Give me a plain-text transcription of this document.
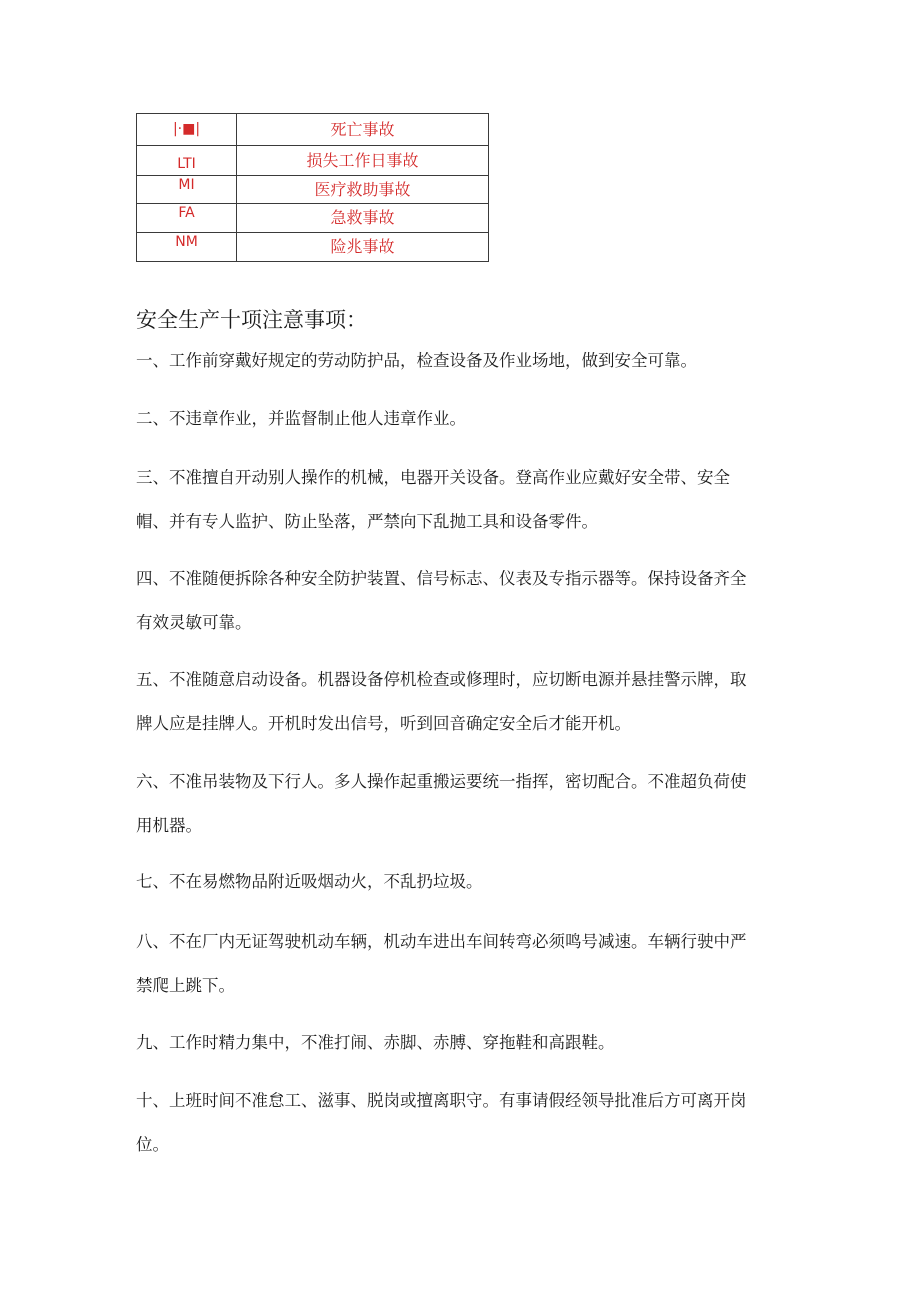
|·■|	死亡事故
LTI	损失工作日事故
MI	医疗救助事故
FA	急救事故
NM	险兆事故
安全生产十项注意事项：
一、工作前穿戴好规定的劳动防护品，检查设备及作业场地，做到安全可靠。
二、不违章作业，并监督制止他人违章作业。
三、不准擅自开动别人操作的机械，电器开关设备。登高作业应戴好安全带、安全
帽、并有专人监护、防止坠落，严禁向下乱抛工具和设备零件。
四、不准随便拆除各种安全防护装置、信号标志、仪表及专指示器等。保持设备齐全
有效灵敏可靠。
五、不准随意启动设备。机器设备停机检查或修理时，应切断电源并悬挂警示牌，取
牌人应是挂牌人。开机时发出信号，听到回音确定安全后才能开机。
六、不准吊装物及下行人。多人操作起重搬运要统一指挥，密切配合。不准超负荷使
用机器。
七、不在易燃物品附近吸烟动火，不乱扔垃圾。
八、不在厂内无证驾驶机动车辆，机动车进出车间转弯必须鸣号减速。车辆行驶中严
禁爬上跳下。
九、工作时精力集中，不准打闹、赤脚、赤膊、穿拖鞋和高跟鞋。
十、上班时间不准怠工、滋事、脱岗或擅离职守。有事请假经领导批准后方可离开岗
位。
